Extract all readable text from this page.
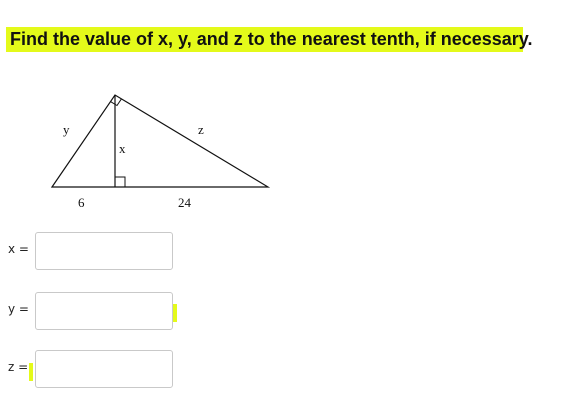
Find the value of x, y, and z to the nearest tenth, if necessary.
y
x
z
6	24
x =
y =
z =
